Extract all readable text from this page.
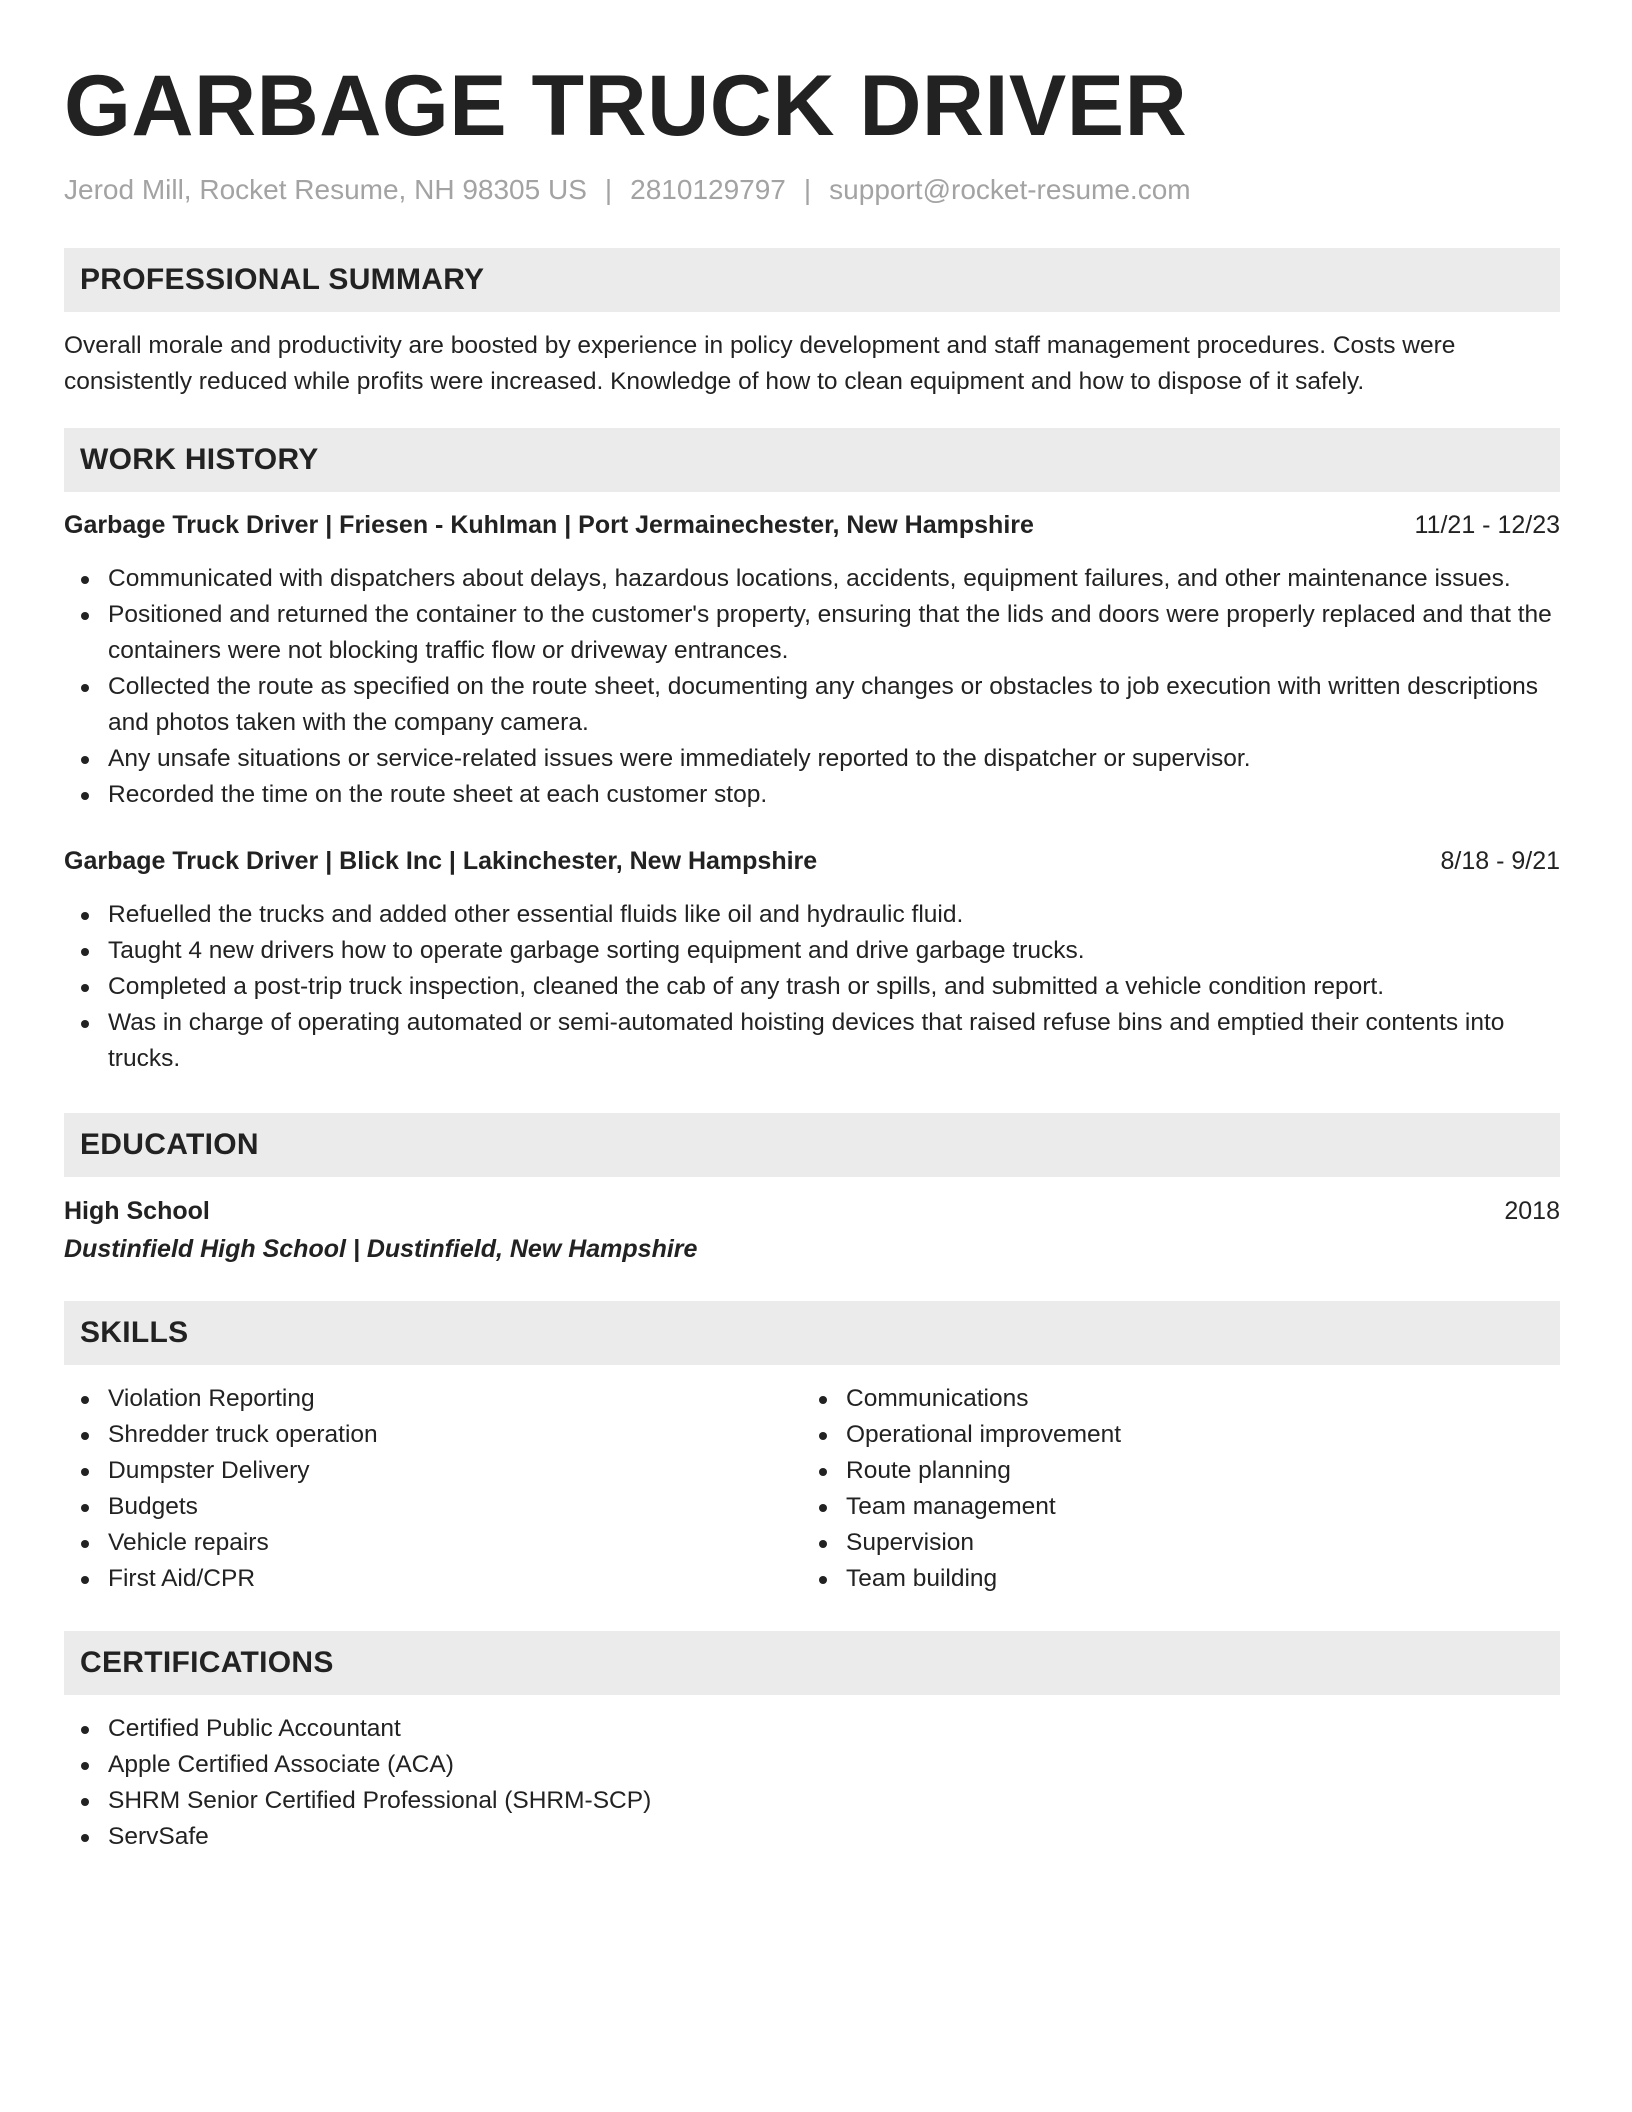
GARBAGE TRUCK DRIVER
Jerod Mill, Rocket Resume, NH 98305 US | 2810129797 | support@rocket-resume.com
PROFESSIONAL SUMMARY
Overall morale and productivity are boosted by experience in policy development and staff management procedures. Costs were consistently reduced while profits were increased. Knowledge of how to clean equipment and how to dispose of it safely.
WORK HISTORY
Garbage Truck Driver | Friesen - Kuhlman | Port Jermainechester, New Hampshire	11/21 - 12/23
Communicated with dispatchers about delays, hazardous locations, accidents, equipment failures, and other maintenance issues.
Positioned and returned the container to the customer's property, ensuring that the lids and doors were properly replaced and that the containers were not blocking traffic flow or driveway entrances.
Collected the route as specified on the route sheet, documenting any changes or obstacles to job execution with written descriptions and photos taken with the company camera.
Any unsafe situations or service-related issues were immediately reported to the dispatcher or supervisor.
Recorded the time on the route sheet at each customer stop.
Garbage Truck Driver | Blick Inc | Lakinchester, New Hampshire	8/18 - 9/21
Refuelled the trucks and added other essential fluids like oil and hydraulic fluid.
Taught 4 new drivers how to operate garbage sorting equipment and drive garbage trucks.
Completed a post-trip truck inspection, cleaned the cab of any trash or spills, and submitted a vehicle condition report.
Was in charge of operating automated or semi-automated hoisting devices that raised refuse bins and emptied their contents into trucks.
EDUCATION
High School	2018
Dustinfield High School | Dustinfield, New Hampshire
SKILLS
Violation Reporting
Shredder truck operation
Dumpster Delivery
Budgets
Vehicle repairs
First Aid/CPR
Communications
Operational improvement
Route planning
Team management
Supervision
Team building
CERTIFICATIONS
Certified Public Accountant
Apple Certified Associate (ACA)
SHRM Senior Certified Professional (SHRM-SCP)
ServSafe
